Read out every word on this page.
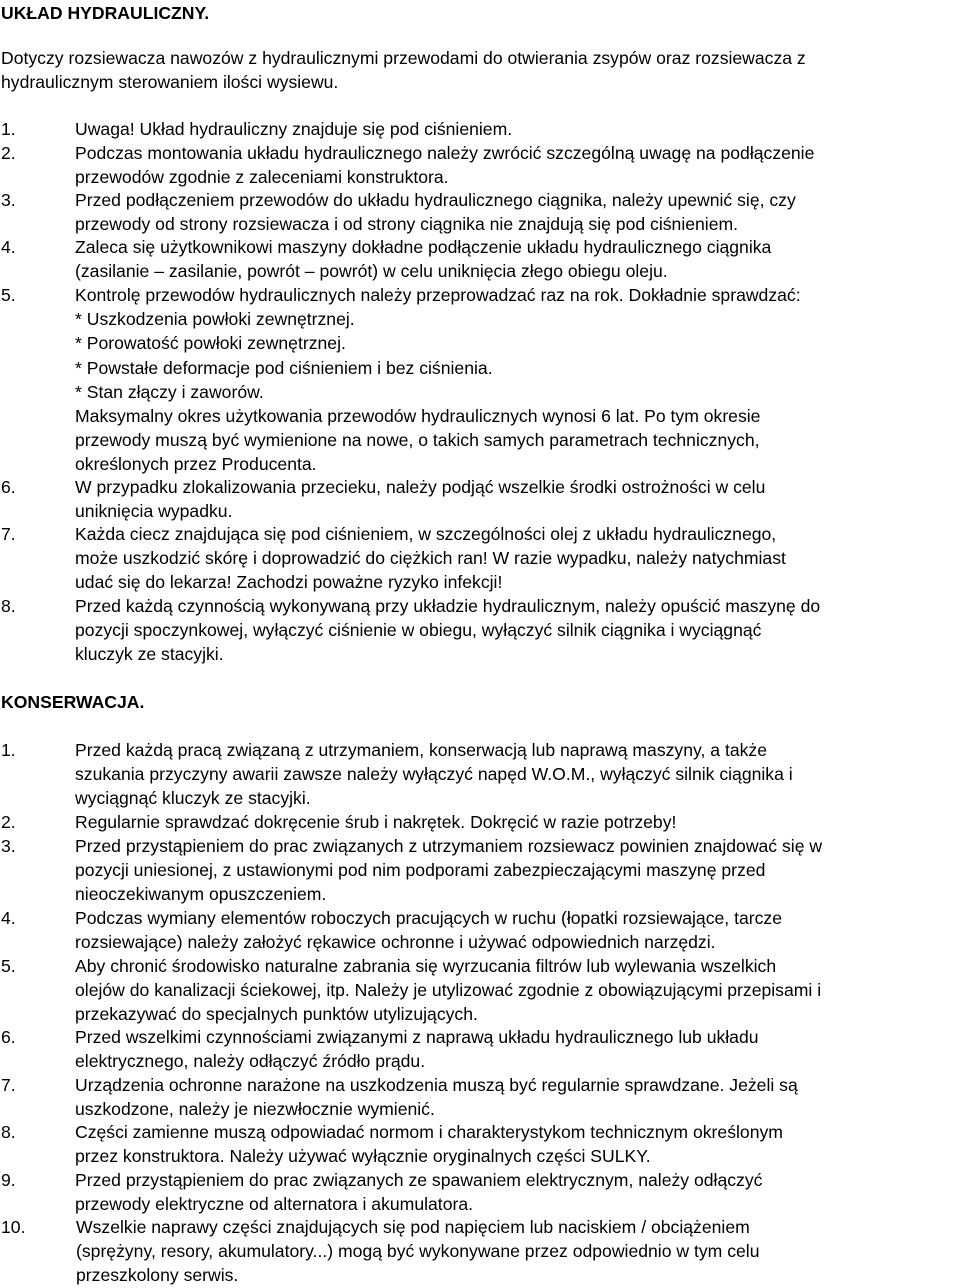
UKŁAD HYDRAULICZNY.

Dotyczy rozsiewacza nawozów z hydraulicznymi przewodami do otwierania zsypów oraz rozsiewacza z
hydraulicznym sterowaniem ilości wysiewu.

1.	Uwaga! Układ hydrauliczny znajduje się pod ciśnieniem.
2.	Podczas montowania układu hydraulicznego należy zwrócić szczególną uwagę na podłączenie
przewodów zgodnie z zaleceniami konstruktora.
3.	Przed podłączeniem przewodów do układu hydraulicznego ciągnika, należy upewnić się, czy
przewody od strony rozsiewacza i od strony ciągnika nie znajdują się pod ciśnieniem.
4.	Zaleca się użytkownikowi maszyny dokładne podłączenie układu hydraulicznego ciągnika
(zasilanie – zasilanie, powrót – powrót) w celu uniknięcia złego obiegu oleju.
5.	Kontrolę przewodów hydraulicznych należy przeprowadzać raz na rok. Dokładnie sprawdzać:
* Uszkodzenia powłoki zewnętrznej.
* Porowatość powłoki zewnętrznej.
* Powstałe deformacje pod ciśnieniem i bez ciśnienia.
* Stan złączy i zaworów.
Maksymalny okres użytkowania przewodów hydraulicznych wynosi 6 lat. Po tym okresie
przewody muszą być wymienione na nowe, o takich samych parametrach technicznych,
określonych przez Producenta.
6.	W przypadku zlokalizowania przecieku, należy podjąć wszelkie środki ostrożności w celu
uniknięcia wypadku.
7.	Każda ciecz znajdująca się pod ciśnieniem, w szczególności olej z układu hydraulicznego,
może uszkodzić skórę i doprowadzić do ciężkich ran! W razie wypadku, należy natychmiast
udać się do lekarza! Zachodzi poważne ryzyko infekcji!
8.	Przed każdą czynnością wykonywaną przy układzie hydraulicznym, należy opuścić maszynę do
pozycji spoczynkowej, wyłączyć ciśnienie w obiegu, wyłączyć silnik ciągnika i wyciągnąć
kluczyk ze stacyjki.
KONSERWACJA.
1.	Przed każdą pracą związaną z utrzymaniem, konserwacją lub naprawą maszyny, a także
szukania przyczyny awarii zawsze należy wyłączyć napęd W.O.M., wyłączyć silnik ciągnika i
wyciągnąć kluczyk ze stacyjki.
2.	Regularnie sprawdzać dokręcenie śrub i nakrętek. Dokręcić w razie potrzeby!
3.	Przed przystąpieniem do prac związanych z utrzymaniem rozsiewacz powinien znajdować się w
pozycji uniesionej, z ustawionymi pod nim podporami zabezpieczającymi maszynę przed
nieoczekiwanym opuszczeniem.
4.	Podczas wymiany elementów roboczych pracujących w ruchu (łopatki rozsiewające, tarcze
rozsiewające) należy założyć rękawice ochronne i używać odpowiednich narzędzi.
5.	Aby chronić środowisko naturalne zabrania się wyrzucania filtrów lub wylewania wszelkich
olejów do kanalizacji ściekowej, itp. Należy je utylizować zgodnie z obowiązującymi przepisami i
przekazywać do specjalnych punktów utylizujących.
6.	Przed wszelkimi czynnościami związanymi z naprawą układu hydraulicznego lub układu
elektrycznego, należy odłączyć źródło prądu.
7.	Urządzenia ochronne narażone na uszkodzenia muszą być regularnie sprawdzane. Jeżeli są
uszkodzone, należy je niezwłocznie wymienić.
8.	Części zamienne muszą odpowiadać normom i charakterystykom technicznym określonym
przez konstruktora. Należy używać wyłącznie oryginalnych części SULKY.
9.	Przed przystąpieniem do prac związanych ze spawaniem elektrycznym, należy odłączyć
przewody elektryczne od alternatora i akumulatora.
10.	Wszelkie naprawy części znajdujących się pod napięciem lub naciskiem / obciążeniem
(sprężyny, resory, akumulatory...) mogą być wykonywane przez odpowiednio w tym celu
przeszkolony serwis.
